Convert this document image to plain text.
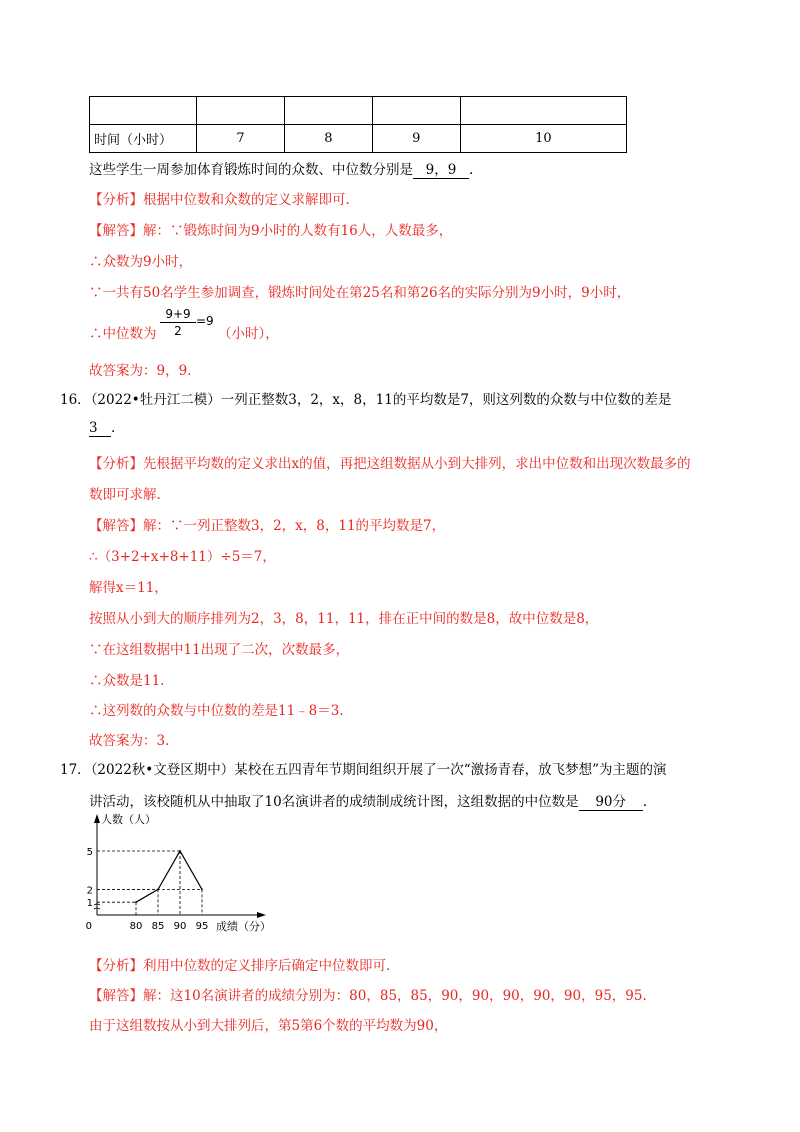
时间（小时）	7	8	9	10
这些学生一周参加体育锻炼时间的众数、中位数分别是 9，9 .
【分析】根据中位数和众数的定义求解即可.
【解答】解：∵锻炼时间为9小时的人数有16人，人数最多，
∴众数为9小时，
∵一共有50名学生参加调查，锻炼时间处在第25名和第26名的实际分别为9小时，9小时，
∴中位数为
9+9
2
=9
（小时），
故答案为：9，9.
16．（2022•牡丹江二模）一列正整数3，2，x，8，11的平均数是7，则这列数的众数与中位数的差是
3 .
【分析】先根据平均数的定义求出x的值，再把这组数据从小到大排列，求出中位数和出现次数最多的
数即可求解.
【解答】解：∵一列正整数3，2，x，8，11的平均数是7，
∴（3+2+x+8+11）÷5＝7，
解得x＝11，
按照从小到大的顺序排列为2，3，8，11，11，排在正中间的数是8，故中位数是8，
∵在这组数据中11出现了二次，次数最多，
∴众数是11.
∴这列数的众数与中位数的差是11﹣8＝3.
故答案为：3.
17．（2022秋•文登区期中）某校在五四青年节期间组织开展了一次“激扬青春，放飞梦想”为主题的演
讲活动，该校随机从中抽取了10名演讲者的成绩制成统计图，这组数据的中位数是 90分 .
80 85 90 95
1
2
5
0
人数（人）
成绩（分）
【分析】利用中位数的定义排序后确定中位数即可.
【解答】解：这10名演讲者的成绩分别为：80，85，85，90，90，90，90，90，95，95.
由于这组数按从小到大排列后，第5第6个数的平均数为90，
